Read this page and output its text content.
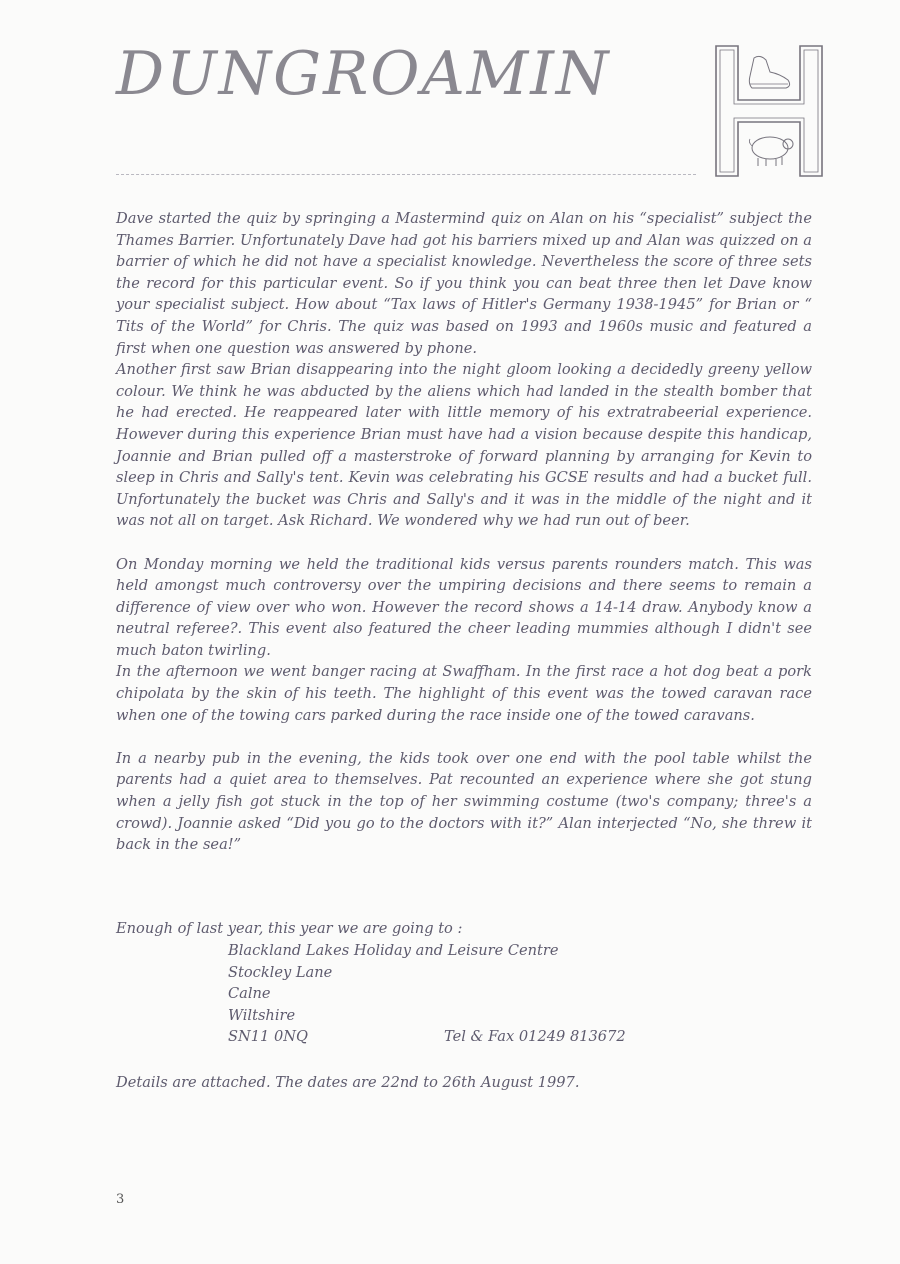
DUNGROAMIN

Dave started the quiz by springing a Mastermind quiz on Alan on his “specialist” subject the Thames Barrier. Unfortunately Dave had got his barriers mixed up and Alan was quizzed on a barrier of which he did not have a specialist knowledge. Nevertheless the score of three sets the record for this particular event. So if you think you can beat three then let Dave know your specialist subject. How about “Tax laws of Hitler's Germany 1938-1945” for Brian or “ Tits of the World” for Chris. The quiz was based on 1993 and 1960s music and featured a first when one question was answered by phone.

Another first saw Brian disappearing into the night gloom looking a decidedly greeny yellow colour. We think he was abducted by the aliens which had landed in the stealth bomber that he had erected. He reappeared later with little memory of his extratrabeerial experience. However during this experience Brian must have had a vision because despite this handicap, Joannie and Brian pulled off a masterstroke of forward planning by arranging for Kevin to sleep in Chris and Sally's tent. Kevin was celebrating his GCSE results and had a bucket full. Unfortunately the bucket was Chris and Sally's and it was in the middle of the night and it was not all on target. Ask Richard. We wondered why we had run out of beer.

On Monday morning we held the traditional kids versus parents rounders match. This was held amongst much controversy over the umpiring decisions and there seems to remain a difference of view over who won. However the record shows a 14-14 draw. Anybody know a neutral referee?. This event also featured the cheer leading mummies although I didn't see much baton twirling.

In the afternoon we went banger racing at Swaffham. In the first race a hot dog beat a pork chipolata by the skin of his teeth. The highlight of this event was the towed caravan race when one of the towing cars parked during the race inside one of the towed caravans.

In a nearby pub in the evening, the kids took over one end with the pool table whilst the parents had a quiet area to themselves. Pat recounted an experience where she got stung when a jelly fish got stuck in the top of her swimming costume (two's company; three's a crowd). Joannie asked “Did you go to the doctors with it?” Alan interjected “No, she threw it back in the sea!”

Enough of last year, this year we are going to :
Blackland Lakes Holiday and Leisure Centre
Stockley Lane
Calne
Wiltshire
SN11 0NQ	Tel & Fax 01249 813672
Details are attached. The dates are 22nd to 26th August 1997.
3
